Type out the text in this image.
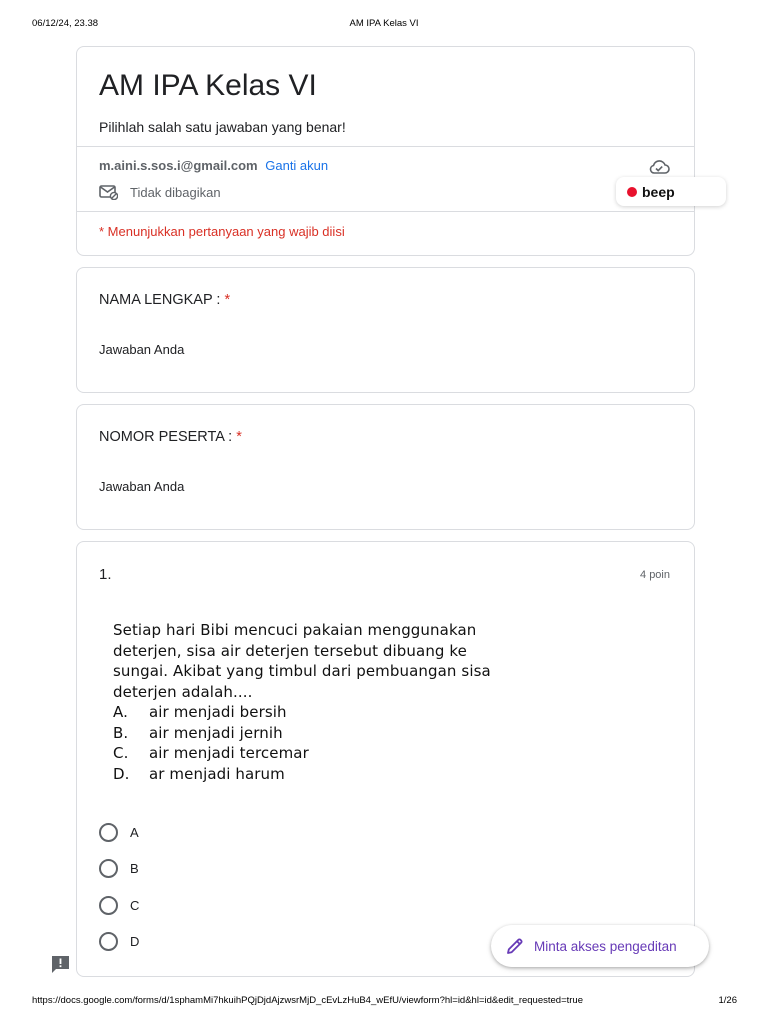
06/12/24, 23.38	AM IPA Kelas VI
AM IPA Kelas VI
Pilihlah salah satu jawaban yang benar!
m.aini.s.sos.i@gmail.com Ganti akun
Tidak dibagikan
* Menunjukkan pertanyaan yang wajib diisi
beep
NAMA LENGKAP : *
Jawaban Anda
NOMOR PESERTA : *
Jawaban Anda
1.	4 poin
Setiap hari Bibi mencuci pakaian menggunakan
deterjen, sisa air deterjen tersebut dibuang ke
sungai. Akibat yang timbul dari pembuangan sisa
deterjen adalah....
A.	air menjadi bersih
B.	air menjadi jernih
C.	air menjadi tercemar
D.	ar menjadi harum
A
B
C
D	Minta akses pengeditan
https://docs.google.com/forms/d/1sphamMi7hkuihPQjDjdAjzwsrMjD_cEvLzHuB4_wEfU/viewform?hl=id&hl=id&edit_requested=true	1/26
